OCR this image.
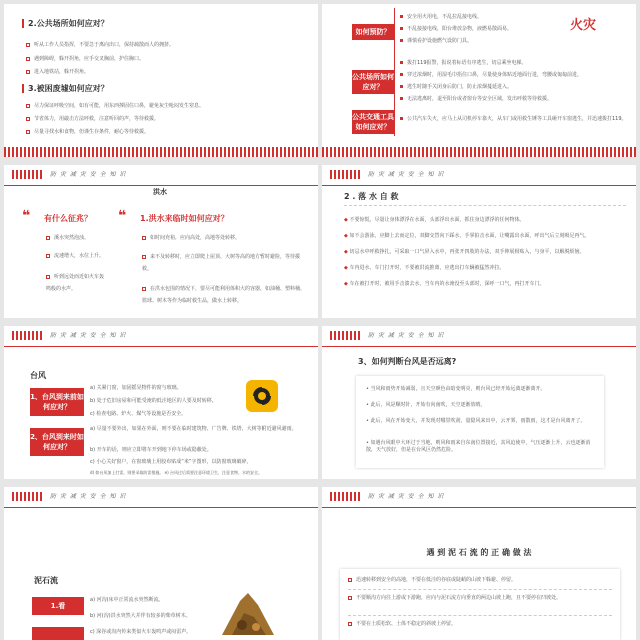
2.公共场所如何应对？
听从工作人员指挥，不要急于离向出口，保持疏散而人的拥挤。
遇到障碍，躲开拐角，应手交叉胸前，护住胸口。
进入地铁站，躲开拐角。
3.被困废墟如何应对？
尽力保证呼吸空间，如有可能，用东西撑固住口鼻，避免灰尘呛闷发生窒息。
节省体力，用敲击方法呼救，注意听回的声，等待救援。
尽量寻找水和食物，但谨生存条件，耐心等待救援。
火灾
如何预防？
安全用火用电，不乱拉乱接电线。
不乱接接电线，阳台堆放杂物，液燃易散面易。
谨慎看护设施燃气设防门具。
公共场所如何应对？
拨打119报警，报说着标语有序逃生，切忌乘坐电梯。
穿过浓烟时，用湿毛巾捂住口鼻，尽量使身体贴近地面行进，弯腰或匍匐前进。
逃生时随手关闭身后防门，防止浓烟蔓延进入。
无法逃离时，退至阳台或者窗台等安全区域，发出呼救等待救援。
公共交通工具如何应对？
公共汽车失火，应马上从司机停车靠火，从车门或用救生锤等工具砸开车窗逃生，并迅速拨打119。
防 灾 减 灾 安 全 知 识
洪水
❝ 有什么征兆？
溪水突然泡浊。
流速增大，水位上升。
听到远处而近如火车轰鸣般的水声。
❝ 1.洪水来临时如何应对？
如时间充裕，应向高处，高地等处转移。
来不及转移时，应立即爬上屋顶、大树等高的地方暂时避险，等待援救。
在洪水包围的情况下，要尽可能利用体积大的容器，如油桶、塑料桶、篮球、树木等作为临时救生品，做水上转移。
防 灾 减 灾 安 全 知 识
2 . 落 水 自 救
◆ 不要惊慌，尽量让身体漂浮在水面，头部浮出水面，抓住身边漂浮的任何物体。
◆ 如不会游泳，应脚上去而定位，双脚交替向下踩水，手掌拍击水面，让嘴露出水面，呼出气后立刻吸足再气。
◆ 切忌水中呼救挣扎，可采取一口气屏入水中，再张开四肢的办法，双手伸展相贴入，与身平，以解脱烦恼。
◆ 车内进水，车门打开时，不要被洪流推离，应逃出打车辆被猛然冲拉。
◆ 车在被打开时，被用手击溃去水，当车内的水淹没至头部时，深呼一口气，再打开车门。
防 灾 减 灾 安 全 知 识
台风
1、台风到来前如何应对？
2、台风到来时如何应对？
a) 关紧门窗，加固摇晃物件的窗与玻璃。
b) 处于危旧房屋和可能受淹的低洼地区的人要及时转移。
c) 检查电路、炉火、煤气等设施是否安全。
a) 尽量不要外出，如果在外面，则不要在临时建筑物、广告牌、铁塔、大树等附近避风避雨。
b) 开车的话，则应立即将车开到地下停车场或隐蔽处。
c) 小心关好窗户，在窗玻璃上用胶布贴成“米”字图形，以防窗玻璃破碎。
d) 如台风加上打雷，则要采取防雷措施。 e) 台风过后需要注意环境卫生，注意食物、水的安全。
防 灾 减 灾 安 全 知 识
3、如何判断台风是否远离?
• 当风和雨势开始减弱，且天空颜色由暗变明亮，则台风已经开始远离逐渐离开。
• 此后，风是顺时针，开始有向南吹，天空逐渐放晴。
• 此后，风在开始变大，并发现对哪里吹刮，量隐风来出中，云开雾，雨散雨，这才是台风离开了。
• 如遇台风眼中大环过于当地，则风和雨来自东南位置接近，其风迫使中，气压逐渐上升，云也逐渐消散，天气放好，但是在台风区仍然危险。
防 灾 减 灾 安 全 知 识
泥石流
1.看
a) 河沟(床中正常流水突然断流。
b) 河(沟)洪水突然大并伴有较多的柴草树木。
c) 深谷或沟内传来类似火车轰鸣声或闷雷声。
防 灾 减 灾 安 全 知 识
遇 到 泥 石 流 的 正 确 做 法
迅速转移到安全的高地，不要在低洼的谷底或陡峭的山坡下躲避、停留。
不要顺沟方向往上游或下游跑，应向与泥石流方向垂直的两边山坡上跑，且不要停在凹坡处。
不要在土质松软、土体不稳定的斜坡上停留。
